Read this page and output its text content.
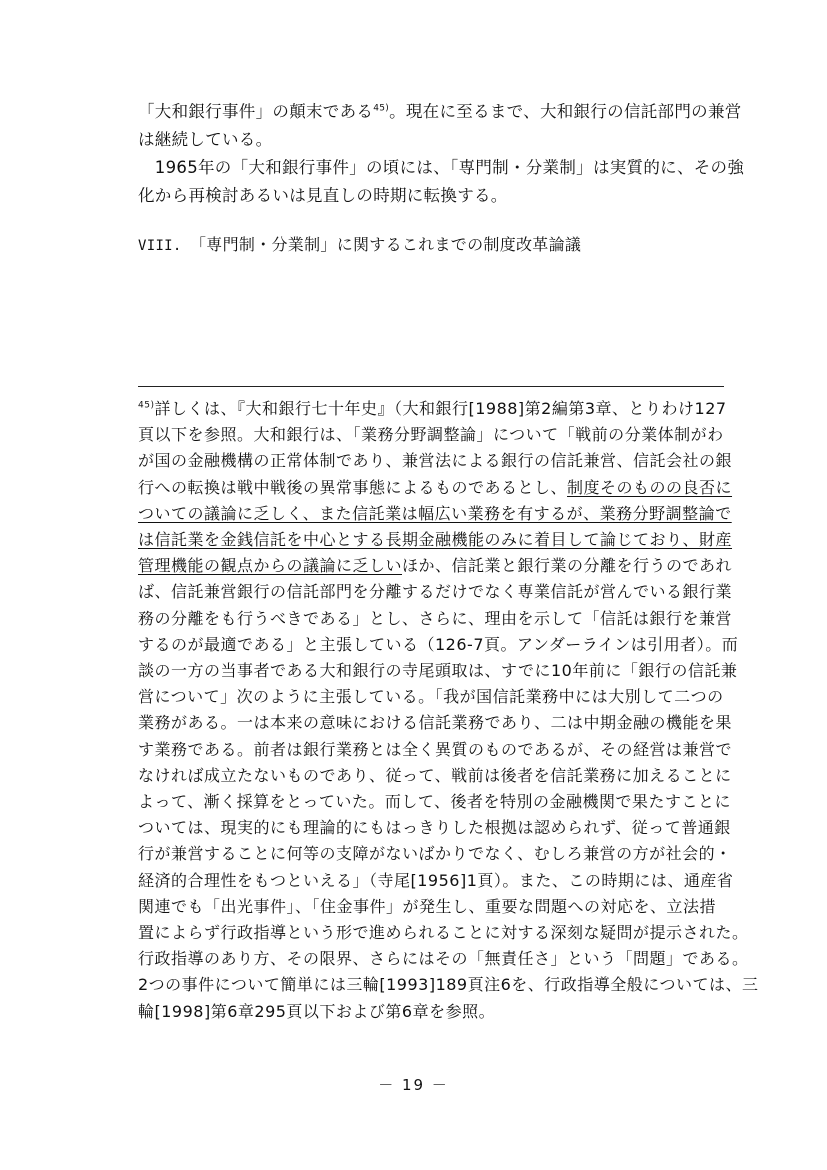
「大和銀行事件」の顛末である$^{45)}$。現在に至るまで、大和銀行の信託部門の兼営
は継続している。
　1965年の「大和銀行事件」の頃には、「専門制・分業制」は実質的に、その強
化から再検討あるいは見直しの時期に転換する。
VIII. 「専門制・分業制」に関するこれまでの制度改革論議
$^{45)}$詳しくは、『大和銀行七十年史』（大和銀行[1988]第2編第3章、とりわけ127
頁以下を参照。大和銀行は、「業務分野調整論」について「戦前の分業体制がわ
が国の金融機構の正常体制であり、兼営法による銀行の信託兼営、信託会社の銀
行への転換は戦中戦後の異常事態によるものであるとし、制度そのものの良否に
ついての議論に乏しく、また信託業は幅広い業務を有するが、業務分野調整論で
は信託業を金銭信託を中心とする長期金融機能のみに着目して論じており、財産
管理機能の観点からの議論に乏しいほか、信託業と銀行業の分離を行うのであれ
ば、信託兼営銀行の信託部門を分離するだけでなく専業信託が営んでいる銀行業
務の分離をも行うべきである」とし、さらに、理由を示して「信託は銀行を兼営
するのが最適である」と主張している（126-7頁。アンダーラインは引用者）。而
談の一方の当事者である大和銀行の寺尾頭取は、すでに10年前に「銀行の信託兼
営について」次のように主張している。「我が国信託業務中には大別して二つの
業務がある。一は本来の意味における信託業務であり、二は中期金融の機能を果
す業務である。前者は銀行業務とは全く異質のものであるが、その経営は兼営で
なければ成立たないものであり、従って、戦前は後者を信託業務に加えることに
よって、漸く採算をとっていた。而して、後者を特別の金融機関で果たすことに
ついては、現実的にも理論的にもはっきりした根拠は認められず、従って普通銀
行が兼営することに何等の支障がないばかりでなく、むしろ兼営の方が社会的・
経済的合理性をもつといえる」（寺尾[1956]1頁）。また、この時期には、通産省
関連でも「出光事件」、「住金事件」が発生し、重要な問題への対応を、立法措
置によらず行政指導という形で進められることに対する深刻な疑問が提示された。
行政指導のあり方、その限界、さらにはその「無責任さ」という「問題」である。
2つの事件について簡単には三輪[1993]189頁注6を、行政指導全般については、三
輪[1998]第6章295頁以下および第6章を参照。
－ 19 －
